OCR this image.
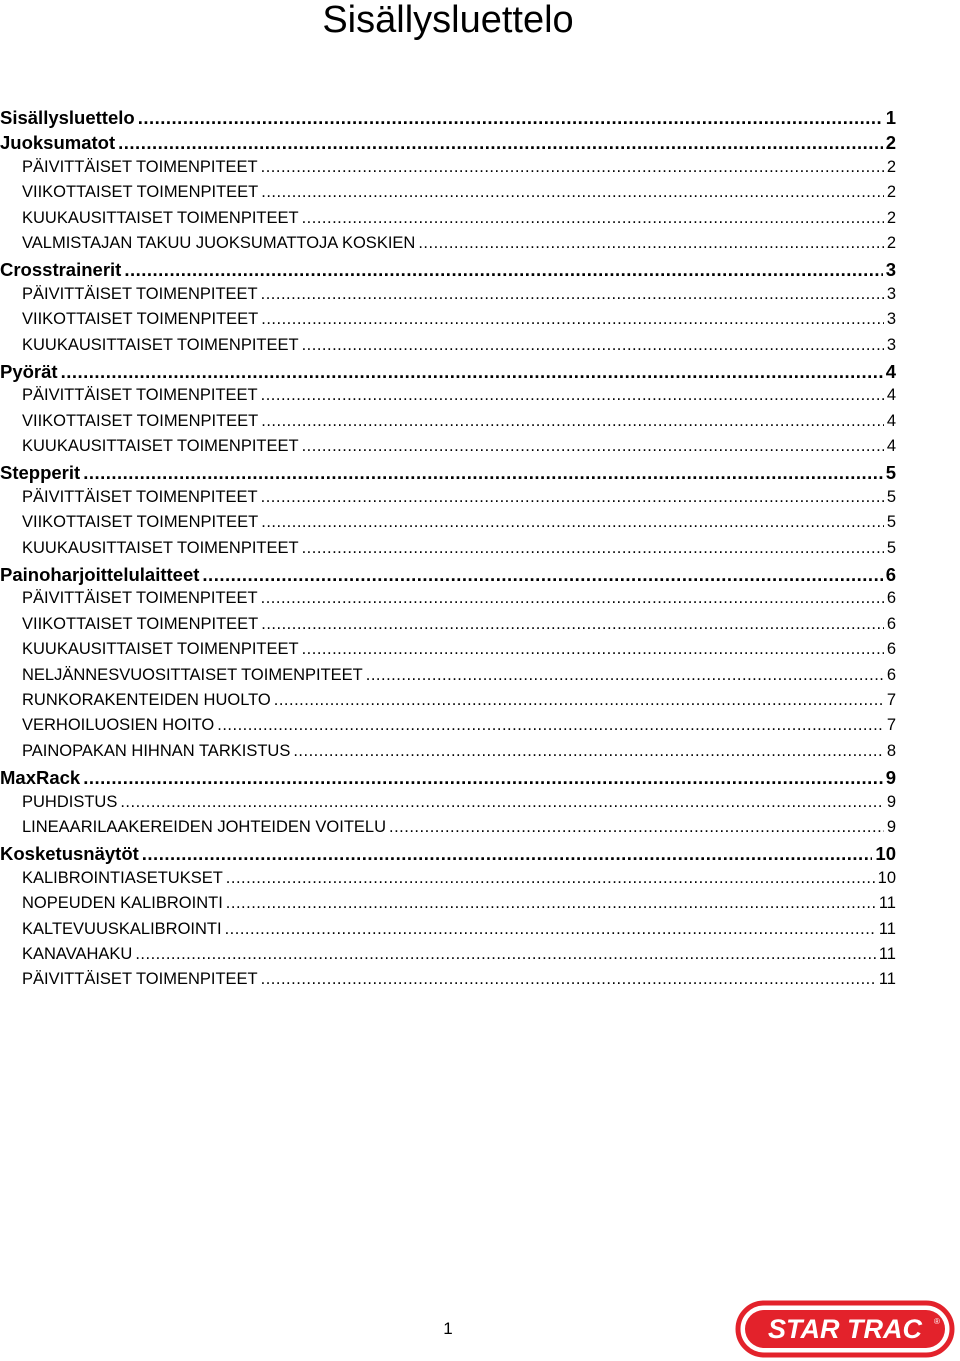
Sisällysluettelo
Sisällysluettelo .....	1
Juoksumatot .....	2
PÄIVITTÄISET TOIMENPITEET .....	2
VIIKOTTAISET TOIMENPITEET .....	2
KUUKAUSITTAISET TOIMENPITEET .....	2
VALMISTAJAN TAKUU JUOKSUMATTOJA KOSKIEN .....	2
Crosstrainerit .....	3
PÄIVITTÄISET TOIMENPITEET .....	3
VIIKOTTAISET TOIMENPITEET .....	3
KUUKAUSITTAISET TOIMENPITEET .....	3
Pyörät .....	4
PÄIVITTÄISET TOIMENPITEET .....	4
VIIKOTTAISET TOIMENPITEET .....	4
KUUKAUSITTAISET TOIMENPITEET .....	4
Stepperit .....	5
PÄIVITTÄISET TOIMENPITEET .....	5
VIIKOTTAISET TOIMENPITEET .....	5
KUUKAUSITTAISET TOIMENPITEET .....	5
Painoharjoittelulaitteet .....	6
PÄIVITTÄISET TOIMENPITEET .....	6
VIIKOTTAISET TOIMENPITEET .....	6
KUUKAUSITTAISET TOIMENPITEET .....	6
NELJÄNNESVUOSITTAISET TOIMENPITEET .....	6
RUNKORAKENTEIDEN HUOLTO .....	7
VERHOILUOSIEN HOITO .....	7
PAINOPAKAN HIHNAN TARKISTUS .....	8
MaxRack .....	9
PUHDISTUS .....	9
LINEAARILAAKEREIDEN JOHTEIDEN VOITELU .....	9
Kosketusnäytöt .....	10
KALIBROINTIASETUKSET .....	10
NOPEUDEN KALIBROINTI .....	11
KALTEVUUSKALIBROINTI .....	11
KANAVAHAKU .....	11
PÄIVITTÄISET TOIMENPITEET .....	11
1	STAR TRAC ®
